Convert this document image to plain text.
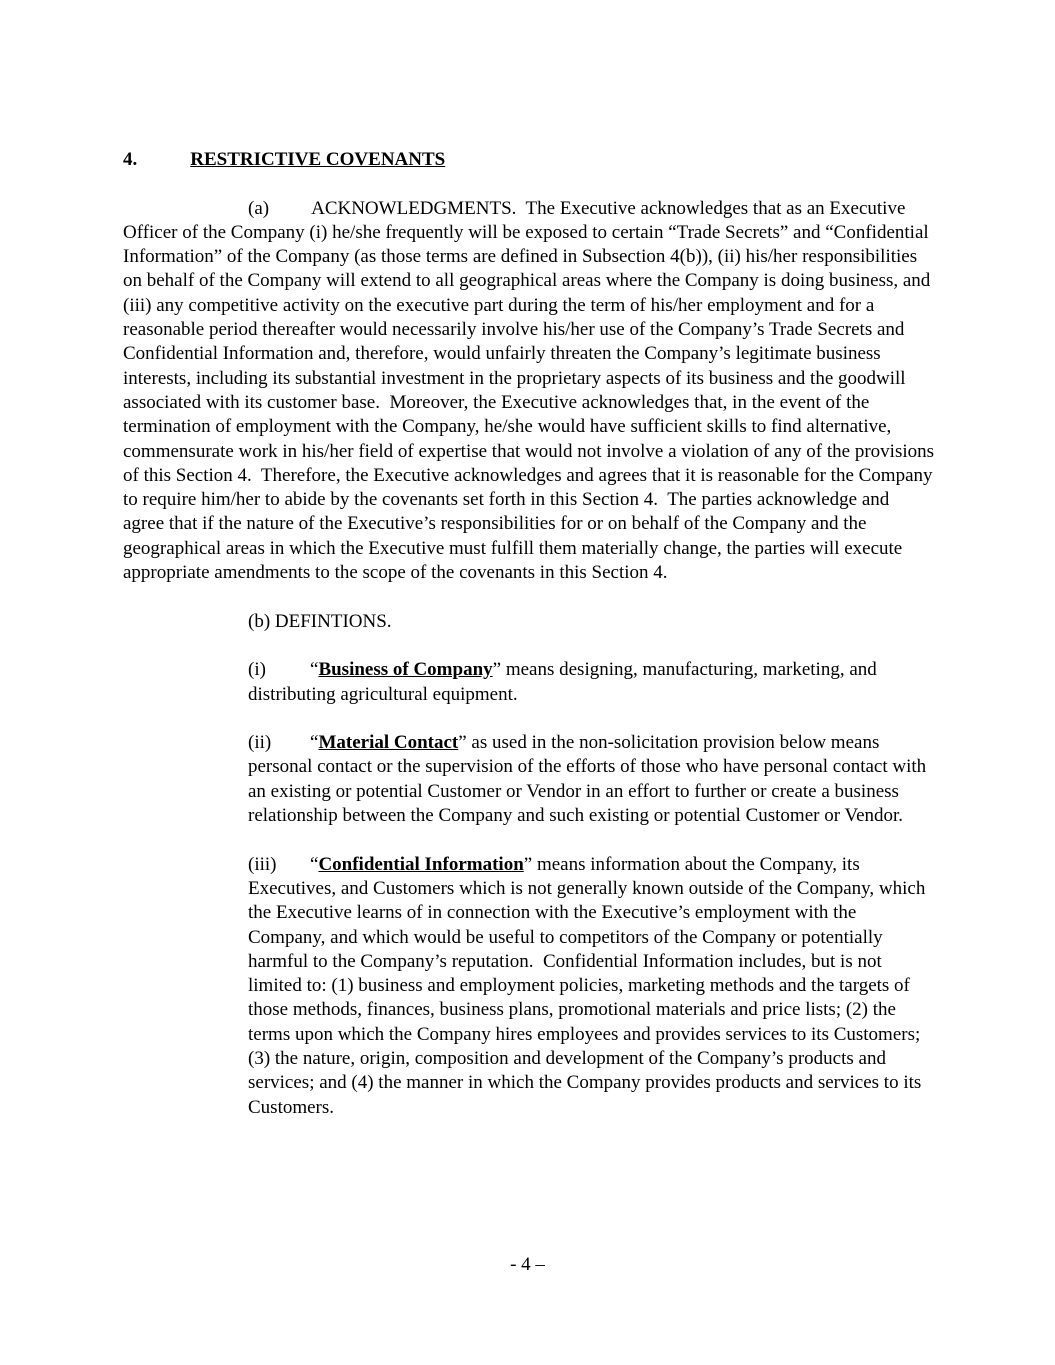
4.	RESTRICTIVE COVENANTS

(a) ACKNOWLEDGMENTS.  The Executive acknowledges that as an Executive Officer of the Company (i) he/she frequently will be exposed to certain “Trade Secrets” and “Confidential Information” of the Company (as those terms are defined in Subsection 4(b)), (ii) his/her responsibilities on behalf of the Company will extend to all geographical areas where the Company is doing business, and (iii) any competitive activity on the executive part during the term of his/her employment and for a reasonable period thereafter would necessarily involve his/her use of the Company’s Trade Secrets and Confidential Information and, therefore, would unfairly threaten the Company’s legitimate business interests, including its substantial investment in the proprietary aspects of its business and the goodwill associated with its customer base.  Moreover, the Executive acknowledges that, in the event of the termination of employment with the Company, he/she would have sufficient skills to find alternative, commensurate work in his/her field of expertise that would not involve a violation of any of the provisions of this Section 4.  Therefore, the Executive acknowledges and agrees that it is reasonable for the Company to require him/her to abide by the covenants set forth in this Section 4.  The parties acknowledge and agree that if the nature of the Executive’s responsibilities for or on behalf of the Company and the geographical areas in which the Executive must fulfill them materially change, the parties will execute appropriate amendments to the scope of the covenants in this Section 4.

(b) DEFINTIONS.

(i) “Business of Company” means designing, manufacturing, marketing, and distributing agricultural equipment.
(ii) “Material Contact” as used in the non-solicitation provision below means personal contact or the supervision of the efforts of those who have personal contact with an existing or potential Customer or Vendor in an effort to further or create a business relationship between the Company and such existing or potential Customer or Vendor.
(iii) “Confidential Information” means information about the Company, its Executives, and Customers which is not generally known outside of the Company, which the Executive learns of in connection with the Executive’s employment with the Company, and which would be useful to competitors of the Company or potentially harmful to the Company’s reputation.  Confidential Information includes, but is not limited to: (1) business and employment policies, marketing methods and the targets of those methods, finances, business plans, promotional materials and price lists; (2) the terms upon which the Company hires employees and provides services to its Customers; (3) the nature, origin, composition and development of the Company’s products and services; and (4) the manner in which the Company provides products and services to its Customers.
- 4 –
